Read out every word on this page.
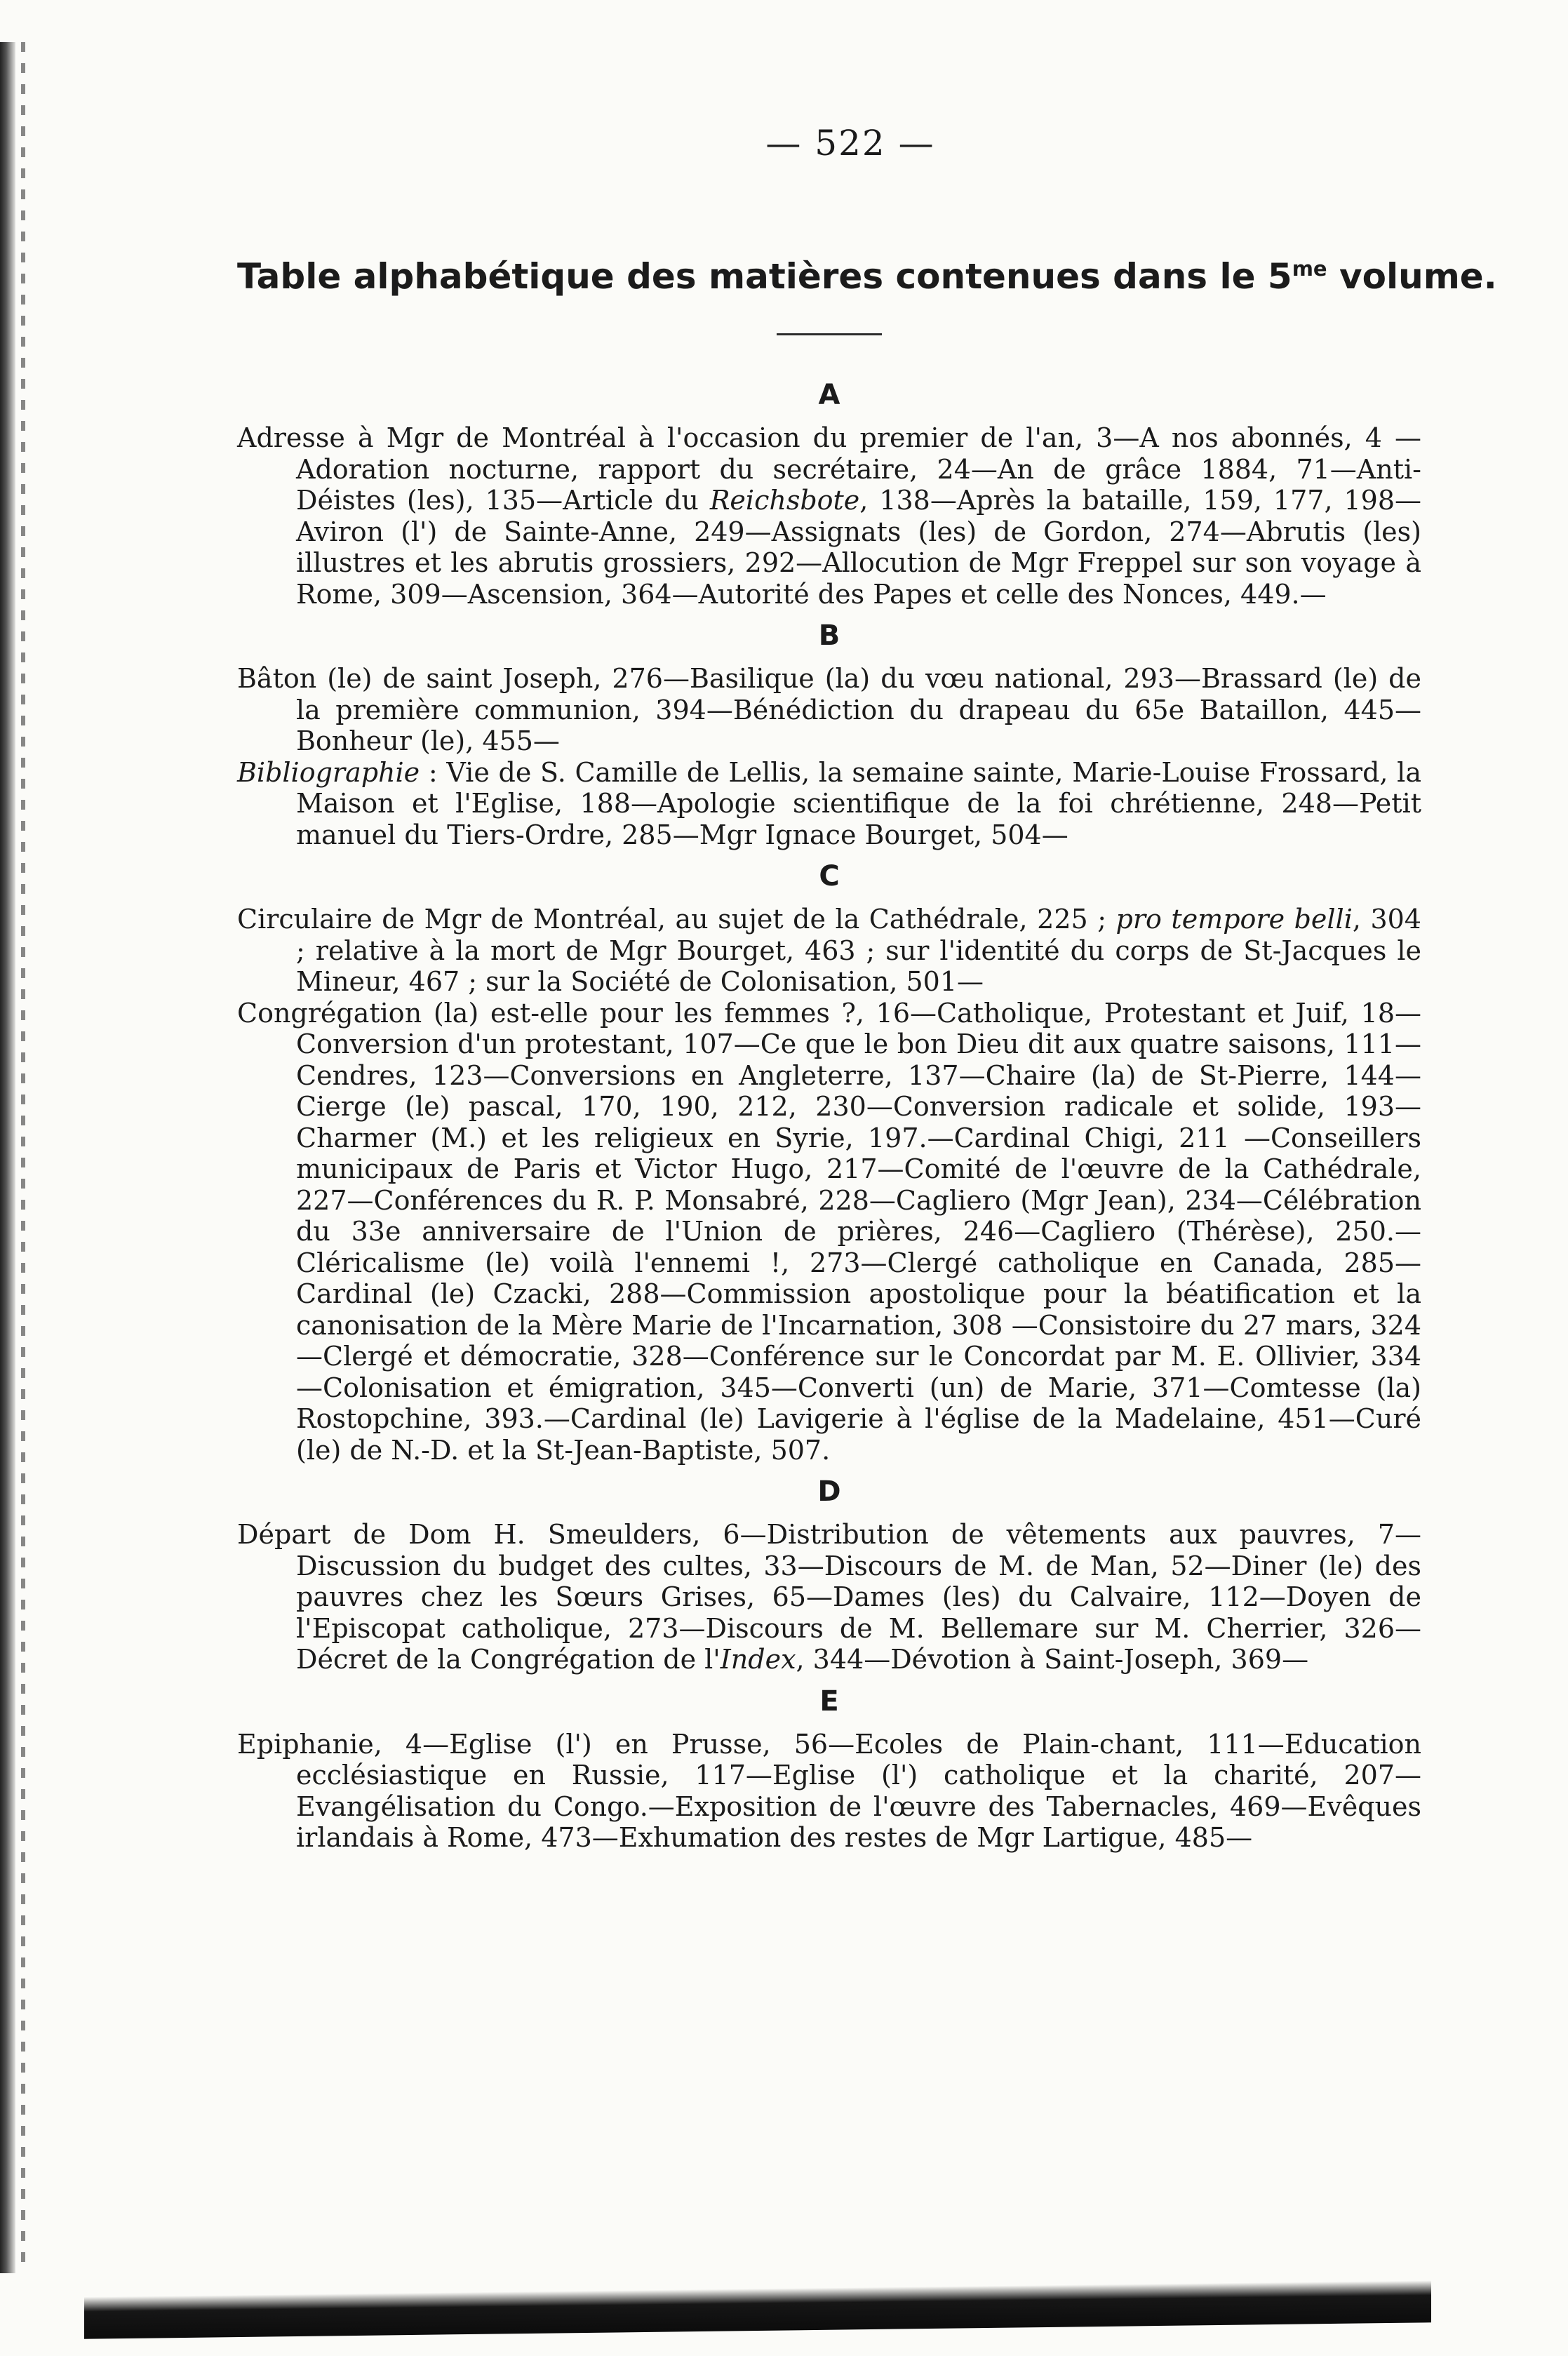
— 522 —
Table alphabétique des matières contenues dans le $5^{me}$ volume.
A
Adresse à Mgr de Montréal à l'occasion du premier de l'an, 3—A nos abonnés, 4 —Adoration nocturne, rapport du secrétaire, 24—An de grâce 1884, 71—Anti-Déistes (les), 135—Article du Reichsbote, 138—Après la bataille, 159, 177, 198—Aviron (l') de Sainte-Anne, 249—Assignats (les) de Gordon, 274—Abrutis (les) illustres et les abrutis grossiers, 292—Allocution de Mgr Freppel sur son voyage à Rome, 309—Ascension, 364—Autorité des Papes et celle des Nonces, 449.—
B
Bâton (le) de saint Joseph, 276—Basilique (la) du vœu national, 293—Brassard (le) de la première communion, 394—Bénédiction du drapeau du 65e Bataillon, 445—Bonheur (le), 455—
Bibliographie : Vie de S. Camille de Lellis, la semaine sainte, Marie-Louise Frossard, la Maison et l'Eglise, 188—Apologie scientifique de la foi chrétienne, 248—Petit manuel du Tiers-Ordre, 285—Mgr Ignace Bourget, 504—
C
Circulaire de Mgr de Montréal, au sujet de la Cathédrale, 225 ; pro tempore belli, 304 ; relative à la mort de Mgr Bourget, 463 ; sur l'identité du corps de St-Jacques le Mineur, 467 ; sur la Société de Colonisation, 501—
Congrégation (la) est-elle pour les femmes ?, 16—Catholique, Protestant et Juif, 18—Conversion d'un protestant, 107—Ce que le bon Dieu dit aux quatre saisons, 111—Cendres, 123—Conversions en Angleterre, 137—Chaire (la) de St-Pierre, 144—Cierge (le) pascal, 170, 190, 212, 230—Conversion radicale et solide, 193—Charmer (M.) et les religieux en Syrie, 197.—Cardinal Chigi, 211 —Conseillers municipaux de Paris et Victor Hugo, 217—Comité de l'œuvre de la Cathédrale, 227—Conférences du R. P. Monsabré, 228—Cagliero (Mgr Jean), 234—Célébration du 33e anniversaire de l'Union de prières, 246—Cagliero (Thérèse), 250.—Cléricalisme (le) voilà l'ennemi !, 273—Clergé catholique en Canada, 285—Cardinal (le) Czacki, 288—Commission apostolique pour la béatification et la canonisation de la Mère Marie de l'Incarnation, 308 —Consistoire du 27 mars, 324—Clergé et démocratie, 328—Conférence sur le Concordat par M. E. Ollivier, 334—Colonisation et émigration, 345—Converti (un) de Marie, 371—Comtesse (la) Rostopchine, 393.—Cardinal (le) Lavigerie à l'église de la Madelaine, 451—Curé (le) de N.-D. et la St-Jean-Baptiste, 507.
D
Départ de Dom H. Smeulders, 6—Distribution de vêtements aux pauvres, 7—Discussion du budget des cultes, 33—Discours de M. de Man, 52—Diner (le) des pauvres chez les Sœurs Grises, 65—Dames (les) du Calvaire, 112—Doyen de l'Episcopat catholique, 273—Discours de M. Bellemare sur M. Cherrier, 326—Décret de la Congrégation de l'Index, 344—Dévotion à Saint-Joseph, 369—
E
Epiphanie, 4—Eglise (l') en Prusse, 56—Ecoles de Plain-chant, 111—Education ecclésiastique en Russie, 117—Eglise (l') catholique et la charité, 207—Evangélisation du Congo.—Exposition de l'œuvre des Tabernacles, 469—Evêques irlandais à Rome, 473—Exhumation des restes de Mgr Lartigue, 485—
